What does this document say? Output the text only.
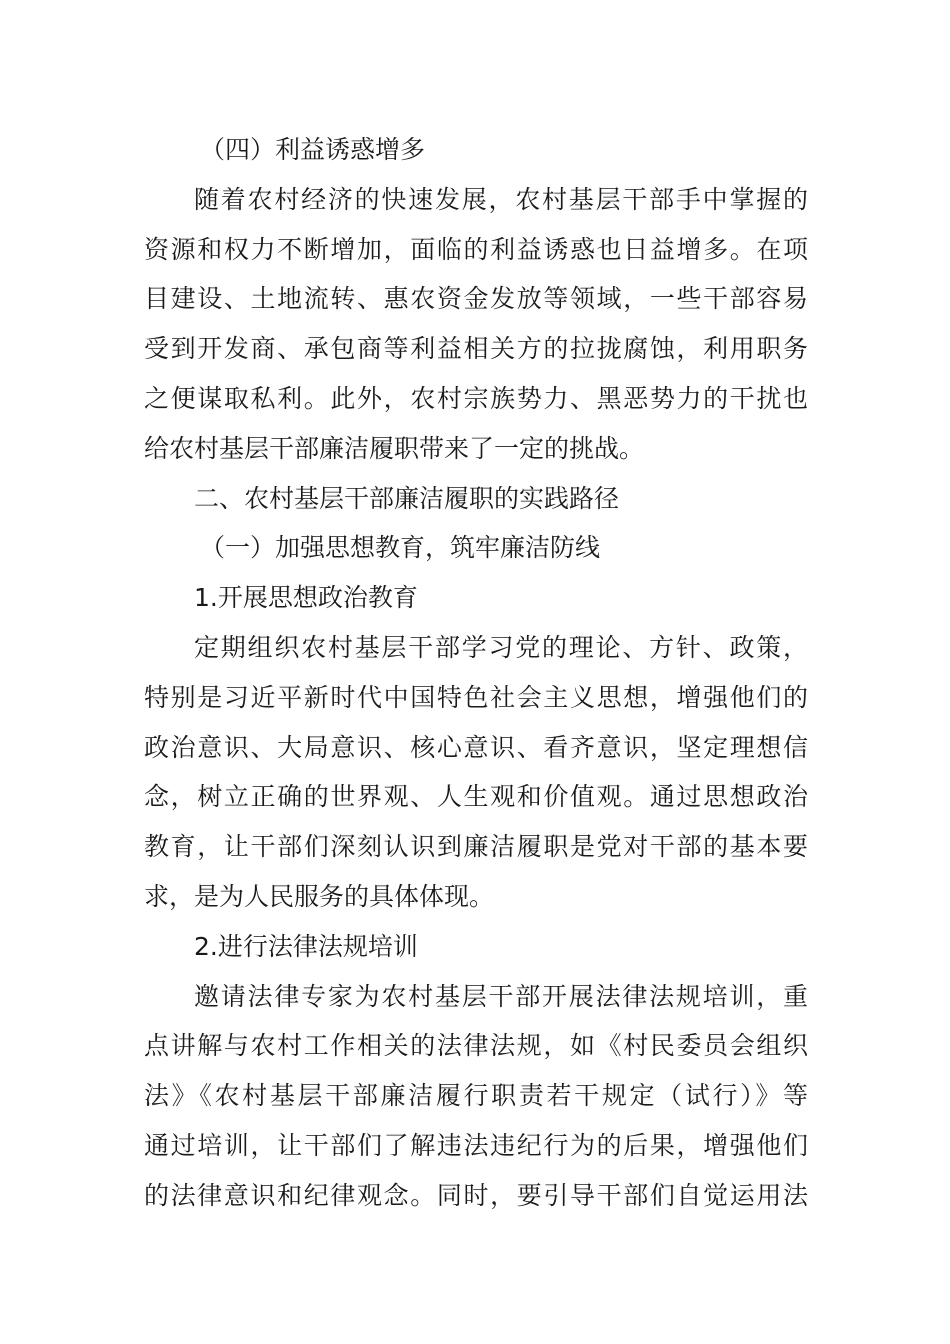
（四）利益诱惑增多
随着农村经济的快速发展，农村基层干部手中掌握的
资源和权力不断增加，面临的利益诱惑也日益增多。在项
目建设、土地流转、惠农资金发放等领域，一些干部容易
受到开发商、承包商等利益相关方的拉拢腐蚀，利用职务
之便谋取私利。此外，农村宗族势力、黑恶势力的干扰也
给农村基层干部廉洁履职带来了一定的挑战。
二、农村基层干部廉洁履职的实践路径
（一）加强思想教育，筑牢廉洁防线
1.开展思想政治教育
定期组织农村基层干部学习党的理论、方针、政策，
特别是习近平新时代中国特色社会主义思想，增强他们的
政治意识、大局意识、核心意识、看齐意识，坚定理想信
念，树立正确的世界观、人生观和价值观。通过思想政治
教育，让干部们深刻认识到廉洁履职是党对干部的基本要
求，是为人民服务的具体体现。
2.进行法律法规培训
邀请法律专家为农村基层干部开展法律法规培训，重
点讲解与农村工作相关的法律法规，如《村民委员会组织
法》《农村基层干部廉洁履行职责若干规定（试行）》等
通过培训，让干部们了解违法违纪行为的后果，增强他们
的法律意识和纪律观念。同时，要引导干部们自觉运用法
